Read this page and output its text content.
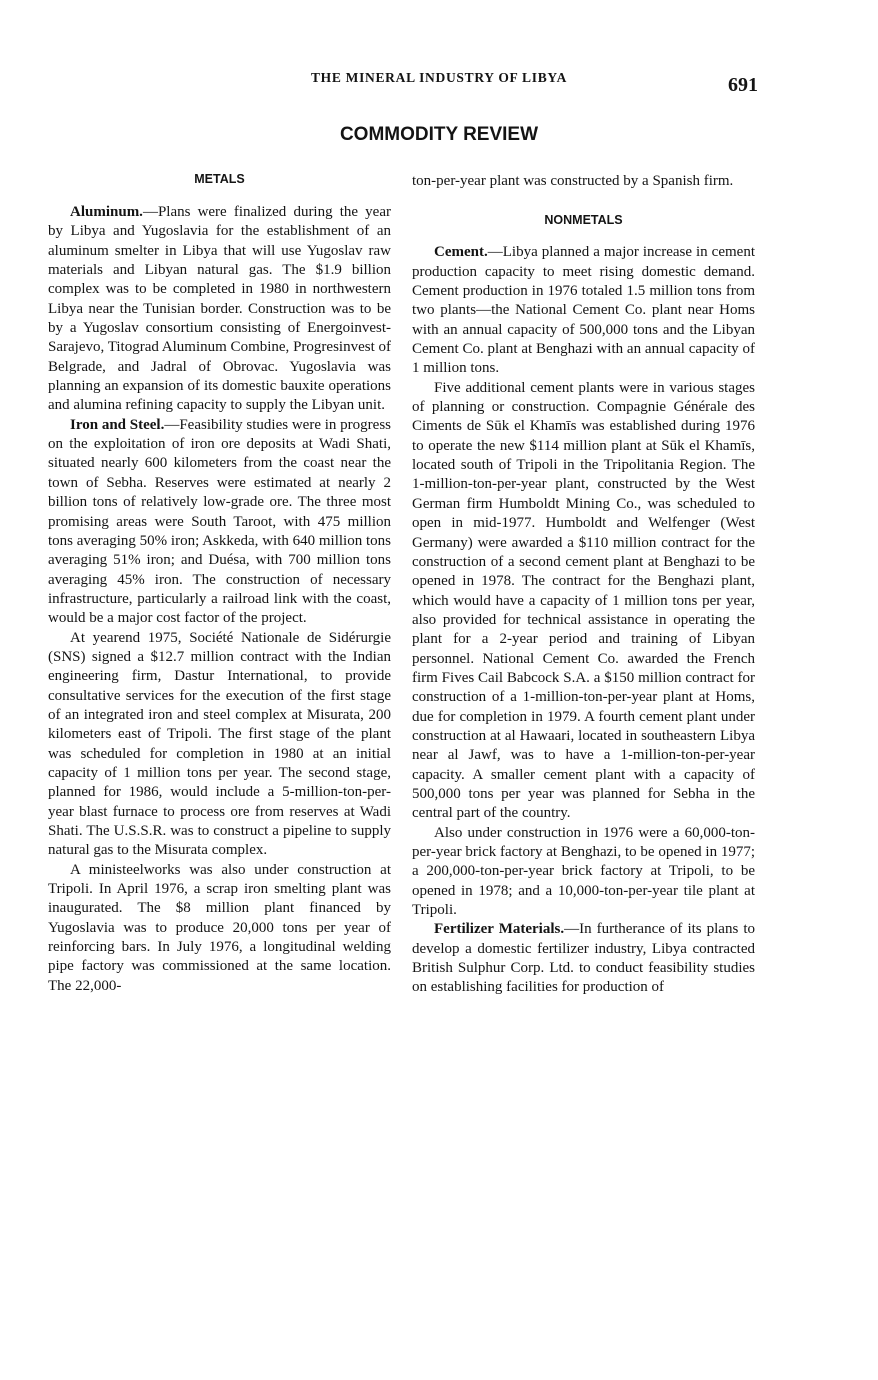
THE MINERAL INDUSTRY OF LIBYA	691
COMMODITY REVIEW
METALS

Aluminum.—Plans were finalized during the year by Libya and Yugoslavia for the establishment of an aluminum smelter in Libya that will use Yugoslav raw materials and Libyan natural gas. The $1.9 billion complex was to be completed in 1980 in northwestern Libya near the Tunisian border. Construction was to be by a Yugoslav consortium consisting of Energoinvest-Sarajevo, Titograd Aluminum Combine, Progresinvest of Belgrade, and Jadral of Obrovac. Yugoslavia was planning an expansion of its domestic bauxite operations and alumina refining capacity to supply the Libyan unit.

Iron and Steel.—Feasibility studies were in progress on the exploitation of iron ore deposits at Wadi Shati, situated nearly 600 kilometers from the coast near the town of Sebha. Reserves were estimated at nearly 2 billion tons of relatively low-grade ore. The three most promising areas were South Taroot, with 475 million tons averaging 50% iron; Askkeda, with 640 million tons averaging 51% iron; and Duésa, with 700 million tons averaging 45% iron. The construction of necessary infrastructure, particularly a railroad link with the coast, would be a major cost factor of the project.

At yearend 1975, Société Nationale de Sidérurgie (SNS) signed a $12.7 million contract with the Indian engineering firm, Dastur International, to provide consultative services for the execution of the first stage of an integrated iron and steel complex at Misurata, 200 kilometers east of Tripoli. The first stage of the plant was scheduled for completion in 1980 at an initial capacity of 1 million tons per year. The second stage, planned for 1986, would include a 5-million-ton-per-year blast furnace to process ore from reserves at Wadi Shati. The U.S.S.R. was to construct a pipeline to supply natural gas to the Misurata complex.

A ministeelworks was also under construction at Tripoli. In April 1976, a scrap iron smelting plant was inaugurated. The $8 million plant financed by Yugoslavia was to produce 20,000 tons per year of reinforcing bars. In July 1976, a longitudinal welding pipe factory was commissioned at the same location. The 22,000-

ton-per-year plant was constructed by a Spanish firm.

NONMETALS

Cement.—Libya planned a major increase in cement production capacity to meet rising domestic demand. Cement production in 1976 totaled 1.5 million tons from two plants—the National Cement Co. plant near Homs with an annual capacity of 500,000 tons and the Libyan Cement Co. plant at Benghazi with an annual capacity of 1 million tons.

Five additional cement plants were in various stages of planning or construction. Compagnie Générale des Ciments de Sūk el Khamīs was established during 1976 to operate the new $114 million plant at Sūk el Khamīs, located south of Tripoli in the Tripolitania Region. The 1-million-ton-per-year plant, constructed by the West German firm Humboldt Mining Co., was scheduled to open in mid-1977. Humboldt and Welfenger (West Germany) were awarded a $110 million contract for the construction of a second cement plant at Benghazi to be opened in 1978. The contract for the Benghazi plant, which would have a capacity of 1 million tons per year, also provided for technical assistance in operating the plant for a 2-year period and training of Libyan personnel. National Cement Co. awarded the French firm Fives Cail Babcock S.A. a $150 million contract for construction of a 1-million-ton-per-year plant at Homs, due for completion in 1979. A fourth cement plant under construction at al Hawaari, located in southeastern Libya near al Jawf, was to have a 1-million-ton-per-year capacity. A smaller cement plant with a capacity of 500,000 tons per year was planned for Sebha in the central part of the country.

Also under construction in 1976 were a 60,000-ton-per-year brick factory at Benghazi, to be opened in 1977; a 200,000-ton-per-year brick factory at Tripoli, to be opened in 1978; and a 10,000-ton-per-year tile plant at Tripoli.

Fertilizer Materials.—In furtherance of its plans to develop a domestic fertilizer industry, Libya contracted British Sulphur Corp. Ltd. to conduct feasibility studies on establishing facilities for production of
